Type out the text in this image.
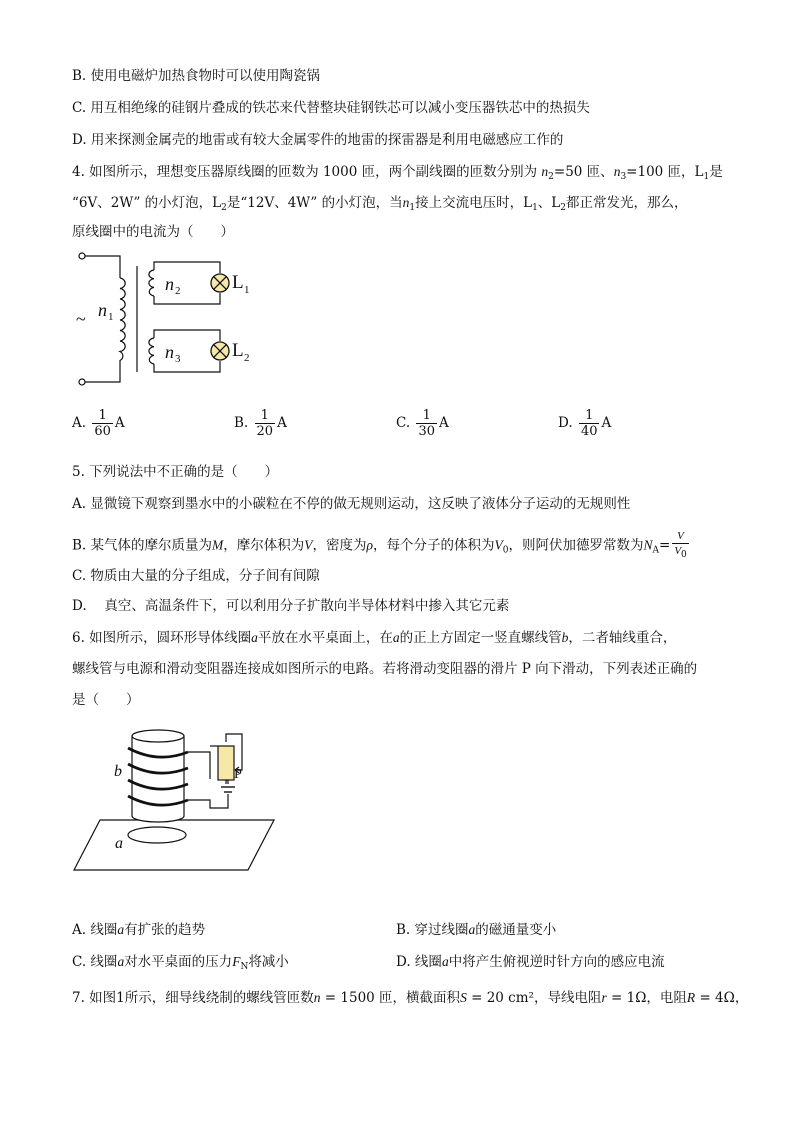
B. 使用电磁炉加热食物时可以使用陶瓷锅
C. 用互相绝缘的硅钢片叠成的铁芯来代替整块硅钢铁芯可以减小变压器铁芯中的热损失
D. 用来探测金属壳的地雷或有较大金属零件的地雷的探雷器是利用电磁感应工作的
4. 如图所示，理想变压器原线圈的匝数为 1000 匝，两个副线圈的匝数分别为 $n_2=50$ 匝、$n_3=100$ 匝，$L_1$是
“6V、2W” 的小灯泡，$L_2$是“12V、4W” 的小灯泡，当$n_1$接上交流电压时，$L_1$、$L_2$都正常发光，那么，
原线圈中的电流为（　　）
~ n 1
n 2
n 3
L 1
L 2
A. $\frac{1}{60}$ A	B. $\frac{1}{20}$ A	C. $\frac{1}{30}$ A	D. $\frac{1}{40}$ A
5. 下列说法中不正确的是（　　）
A. 显微镜下观察到墨水中的小碳粒在不停的做无规则运动，这反映了液体分子运动的无规则性
B. 某气体的摩尔质量为M，摩尔体积为V，密度为ρ，每个分子的体积为$V_0$，则阿伏加德罗常数为$N_A= \frac{V}{V_0}$
C. 物质由大量的分子组成，分子间有间隙
D. 　真空、高温条件下，可以利用分子扩散向半导体材料中掺入其它元素
6. 如图所示，圆环形导体线圈a平放在水平桌面上，在a的正上方固定一竖直螺线管b，二者轴线重合，
螺线管与电源和滑动变阻器连接成如图所示的电路。若将滑动变阻器的滑片 P 向下滑动，下列表述正确的
是（　　）
b
a
P
A. 线圈a有扩张的趋势	B. 穿过线圈a的磁通量变小
C. 线圈a对水平桌面的压力$F_N$将减小	D. 线圈a中将产生俯视逆时针方向的感应电流
7. 如图1所示，细导线绕制的螺线管匝数n = 1500 匝，横截面积S = 20 cm²，导线电阻r = 1Ω，电阻R = 4Ω，
